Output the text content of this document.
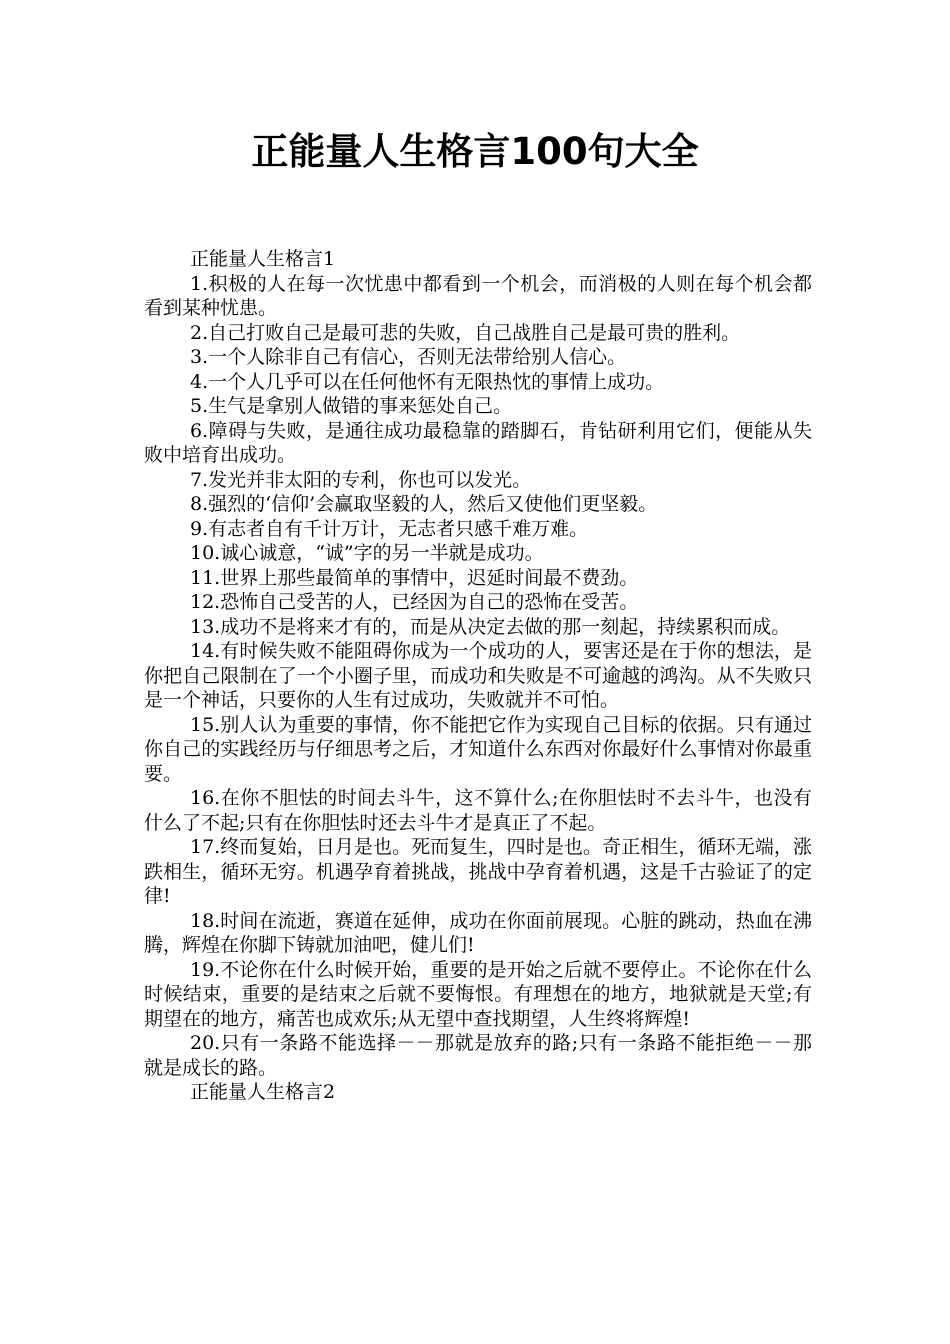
正能量人生格言100句大全

正能量人生格言1

1.积极的人在每一次忧患中都看到一个机会，而消极的人则在每个机会都看到某种忧患。

2.自己打败自己是最可悲的失败，自己战胜自己是最可贵的胜利。

3.一个人除非自己有信心，否则无法带给别人信心。

4.一个人几乎可以在任何他怀有无限热忱的事情上成功。

5.生气是拿别人做错的事来惩处自己。

6.障碍与失败，是通往成功最稳靠的踏脚石，肯钻研利用它们，便能从失败中培育出成功。

7.发光并非太阳的专利，你也可以发光。

8.强烈的‘信仰’会赢取坚毅的人，然后又使他们更坚毅。

9.有志者自有千计万计，无志者只感千难万难。

10.诚心诚意，“诚”字的另一半就是成功。

11.世界上那些最简单的事情中，迟延时间最不费劲。

12.恐怖自己受苦的人，已经因为自己的恐怖在受苦。

13.成功不是将来才有的，而是从决定去做的那一刻起，持续累积而成。

14.有时候失败不能阻碍你成为一个成功的人，要害还是在于你的想法，是你把自己限制在了一个小圈子里，而成功和失败是不可逾越的鸿沟。从不失败只是一个神话，只要你的人生有过成功，失败就并不可怕。

15.别人认为重要的事情，你不能把它作为实现自己目标的依据。只有通过你自己的实践经历与仔细思考之后，才知道什么东西对你最好什么事情对你最重要。

16.在你不胆怯的时间去斗牛，这不算什么;在你胆怯时不去斗牛，也没有什么了不起;只有在你胆怯时还去斗牛才是真正了不起。

17.终而复始，日月是也。死而复生，四时是也。奇正相生，循环无端，涨跌相生，循环无穷。机遇孕育着挑战，挑战中孕育着机遇，这是千古验证了的定律!

18.时间在流逝，赛道在延伸，成功在你面前展现。心脏的跳动，热血在沸腾，辉煌在你脚下铸就加油吧，健儿们!

19.不论你在什么时候开始，重要的是开始之后就不要停止。不论你在什么时候结束，重要的是结束之后就不要悔恨。有理想在的地方，地狱就是天堂;有期望在的地方，痛苦也成欢乐;从无望中查找期望，人生终将辉煌!

20.只有一条路不能选择－－那就是放弃的路;只有一条路不能拒绝－－那就是成长的路。

正能量人生格言2
